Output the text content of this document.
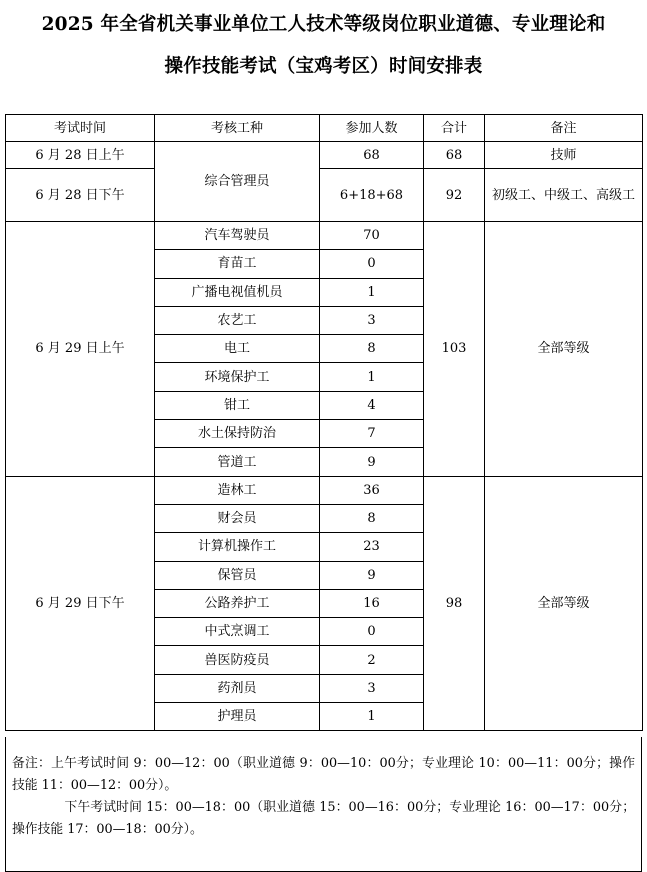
2025 年全省机关事业单位工人技术等级岗位职业道德、专业理论和
操作技能考试（宝鸡考区）时间安排表
考试时间	考核工种	参加人数	合计	备注
6 月 28 日上午	综合管理员	68	68	技师
6 月 28 日下午		6+18+68	92	初级工、中级工、高级工
6 月 29 日上午	汽车驾驶员	70	103	全部等级
	育苗工	0		
	广播电视值机员	1		
	农艺工	3		
	电工	8		
	环境保护工	1		
	钳工	4		
	水土保持防治	7		
	管道工	9		
6 月 29 日下午	造林工	36	98	全部等级
	财会员	8		
	计算机操作工	23		
	保管员	9		
	公路养护工	16		
	中式烹调工	0		
	兽医防疫员	2		
	药剂员	3		
	护理员	1		

备注：上午考试时间 9：00—12：00（职业道德 9：00—10：00分；专业理论 10：00—11：00分；操作技能 11：00—12：00分）。

下午考试时间 15：00—18：00（职业道德 15：00—16：00分；专业理论 16：00—17：00分；操作技能 17：00—18：00分）。
